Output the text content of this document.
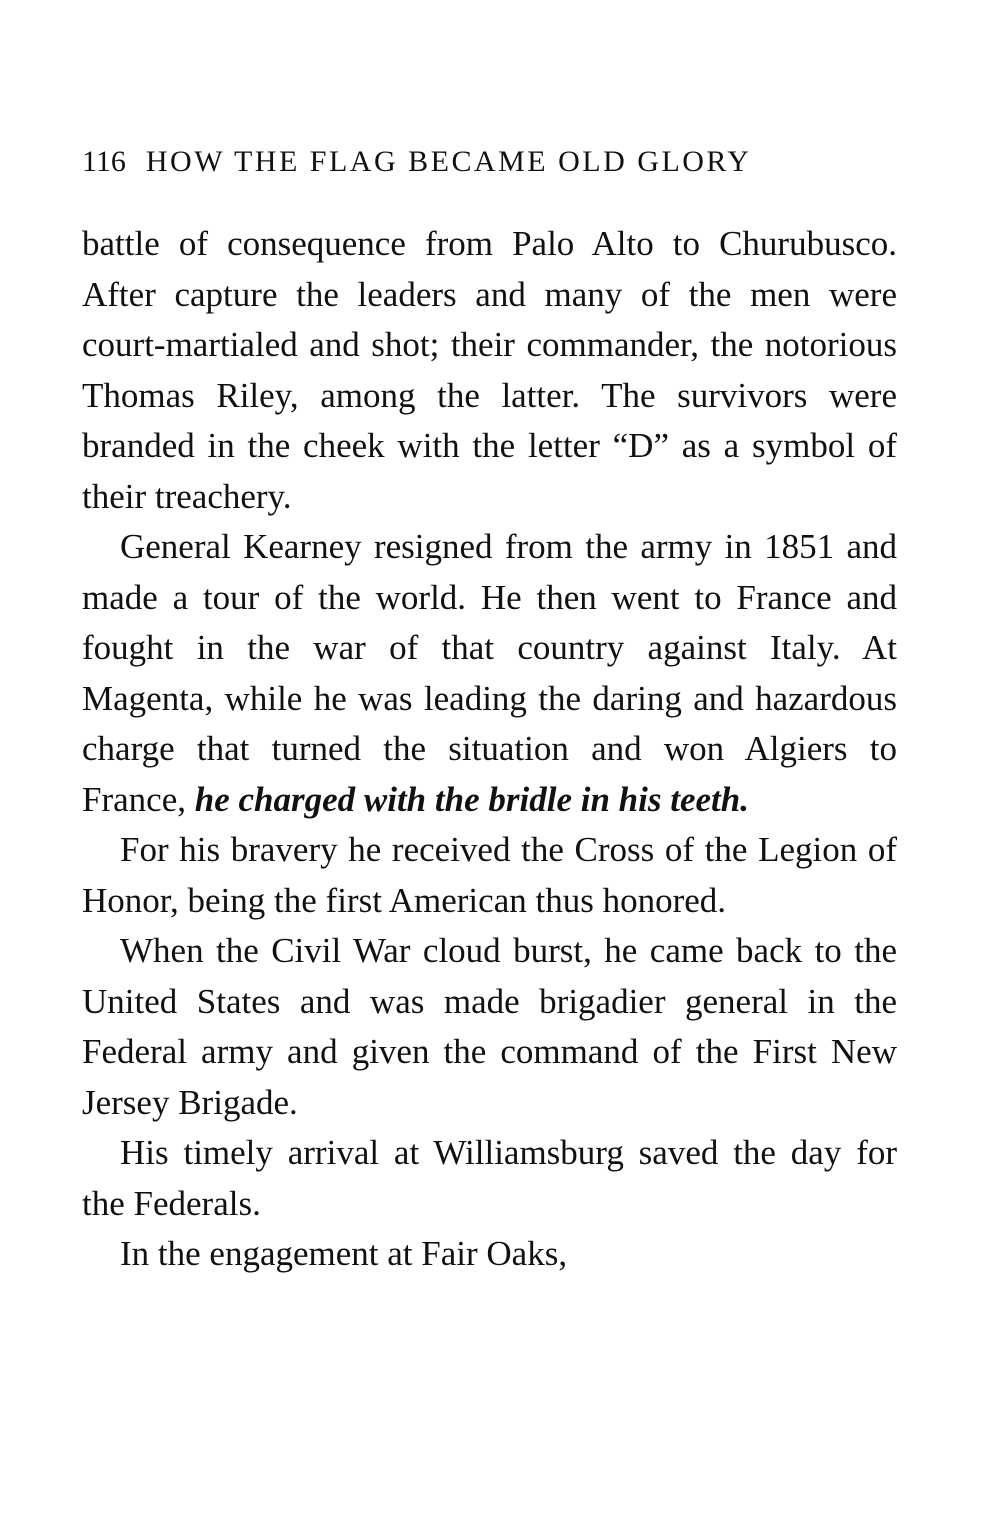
116 HOW THE FLAG BECAME OLD GLORY

battle of consequence from Palo Alto to Churubusco. After capture the leaders and many of the men were court-martialed and shot; their commander, the notorious Thomas Riley, among the latter. The survivors were branded in the cheek with the letter “D” as a symbol of their treachery.

General Kearney resigned from the army in 1851 and made a tour of the world. He then went to France and fought in the war of that country against Italy. At Magenta, while he was leading the daring and hazardous charge that turned the situation and won Algiers to France, he charged with the bridle in his teeth.

For his bravery he received the Cross of the Legion of Honor, being the first American thus honored.

When the Civil War cloud burst, he came back to the United States and was made brigadier general in the Federal army and given the command of the First New Jersey Brigade.

His timely arrival at Williamsburg saved the day for the Federals.

In the engagement at Fair Oaks,
